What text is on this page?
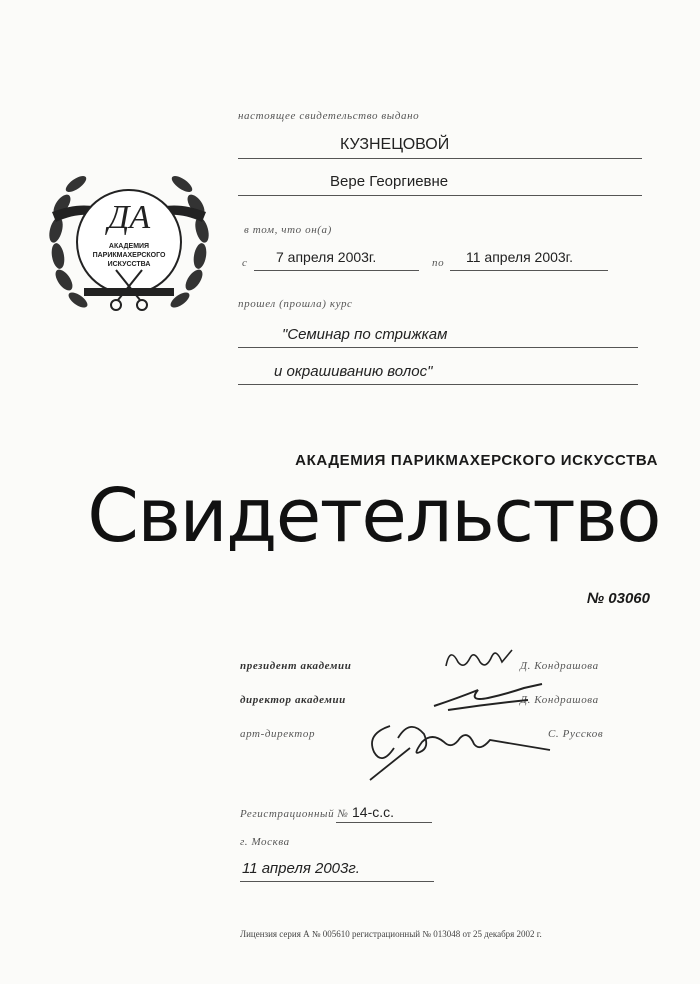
ДА
АКАДЕМИЯ
ПАРИКМАХЕРСКОГО
ИСКУССТВА
настоящее свидетельство выдано
КУЗНЕЦОВОЙ
Вере Георгиевне
в том, что он(а)
с 7 апреля 2003г.	по 11 апреля 2003г.
прошел (прошла) курс
"Семинар по стрижкам
и окрашиванию волос"
АКАДЕМИЯ ПАРИКМАХЕРСКОГО ИСКУССТВА
Свидетельство
№ 03060
президент академии	Д. Кондрашова
директор академии	Д. Кондрашова
арт-директор	С. Руссков
Регистрационный № 14-с.с.
г. Москва
11 апреля 2003г.
Лицензия серия А № 005610 регистрационный № 013048 от 25 декабря 2002 г.
